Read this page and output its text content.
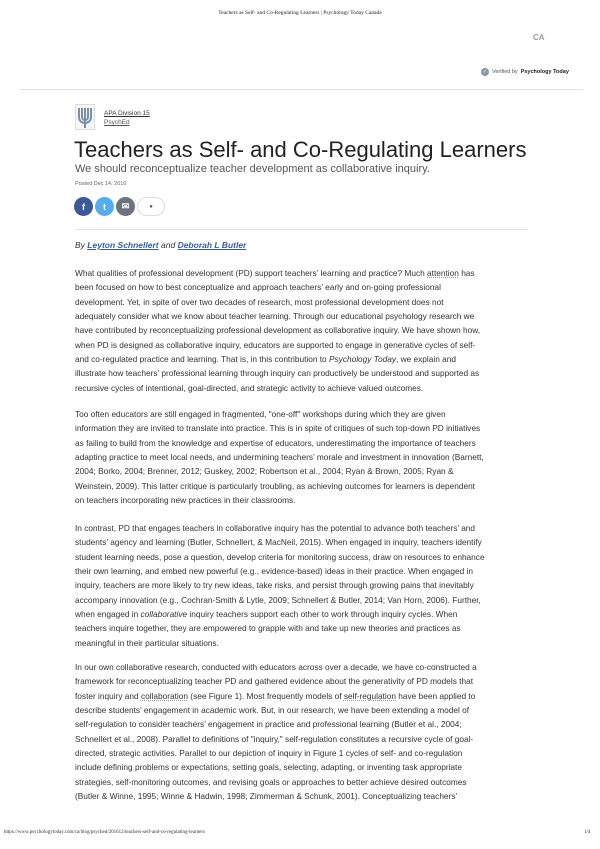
Teachers as Self- and Co-Regulating Learners | Psychology Today Canada
CA
✓ Verified by Psychology Today
APA Division 15
PsychEd
Teachers as Self- and Co-Regulating Learners
We should reconceptualize teacher development as collaborative inquiry.
Posted Dec 14, 2016
f t ✉	●
By Leyton Schnellert and Deborah L Butler
What qualities of professional development (PD) support teachers’ learning and practice? Much attention has
been focused on how to best conceptualize and approach teachers’ early and on-going professional
development. Yet, in spite of over two decades of research, most professional development does not
adequately consider what we know about teacher learning. Through our educational psychology research we
have contributed by reconceptualizing professional development as collaborative inquiry. We have shown how,
when PD is designed as collaborative inquiry, educators are supported to engage in generative cycles of self-
and co-regulated practice and learning. That is, in this contribution to Psychology Today, we explain and
illustrate how teachers’ professional learning through inquiry can productively be understood and supported as
recursive cycles of intentional, goal-directed, and strategic activity to achieve valued outcomes.
Too often educators are still engaged in fragmented, "one-off" workshops during which they are given
information they are invited to translate into practice. This is in spite of critiques of such top-down PD initiatives
as failing to build from the knowledge and expertise of educators, underestimating the importance of teachers
adapting practice to meet local needs, and undermining teachers’ morale and investment in innovation (Barnett,
2004; Borko, 2004; Brenner, 2012; Guskey, 2002; Robertson et al., 2004; Ryan & Brown, 2005; Ryan &
Weinstein, 2009). This latter critique is particularly troubling, as achieving outcomes for learners is dependent
on teachers incorporating new practices in their classrooms.
In contrast, PD that engages teachers in collaborative inquiry has the potential to advance both teachers’ and
students’ agency and learning (Butler, Schnellert, & MacNeil, 2015). When engaged in inquiry, teachers identify
student learning needs, pose a question, develop criteria for monitoring success, draw on resources to enhance
their own learning, and embed new powerful (e.g., evidence-based) ideas in their practice. When engaged in
inquiry, teachers are more likely to try new ideas, take risks, and persist through growing pains that inevitably
accompany innovation (e.g., Cochran-Smith & Lytle, 2009; Schnellert & Butler, 2014; Van Horn, 2006). Further,
when engaged in collaborative inquiry teachers support each other to work through inquiry cycles. When
teachers inquire together, they are empowered to grapple with and take up new theories and practices as
meaningful in their particular situations.
In our own collaborative research, conducted with educators across over a decade, we have co-constructed a
framework for reconceptualizing teacher PD and gathered evidence about the generativity of PD models that
foster inquiry and collaboration (see Figure 1). Most frequently models of self-regulation have been applied to
describe students’ engagement in academic work. But, in our research, we have been extending a model of
self-regulation to consider teachers’ engagement in practice and professional learning (Butler et al., 2004;
Schnellert et al., 2008). Parallel to definitions of "inquiry," self-regulation constitutes a recursive cycle of goal-
directed, strategic activities. Parallel to our depiction of inquiry in Figure 1 cycles of self- and co-regulation
include defining problems or expectations, setting goals, selecting, adapting, or inventing task appropriate
strategies, self-monitoring outcomes, and revising goals or approaches to better achieve desired outcomes
(Butler & Winne, 1995; Winne & Hadwin, 1998; Zimmerman & Schunk, 2001). Conceptualizing teachers’
https://www.psychologytoday.com/ca/blog/psyched/201612/teachers-self-and-co-regulating-learners	1/4
